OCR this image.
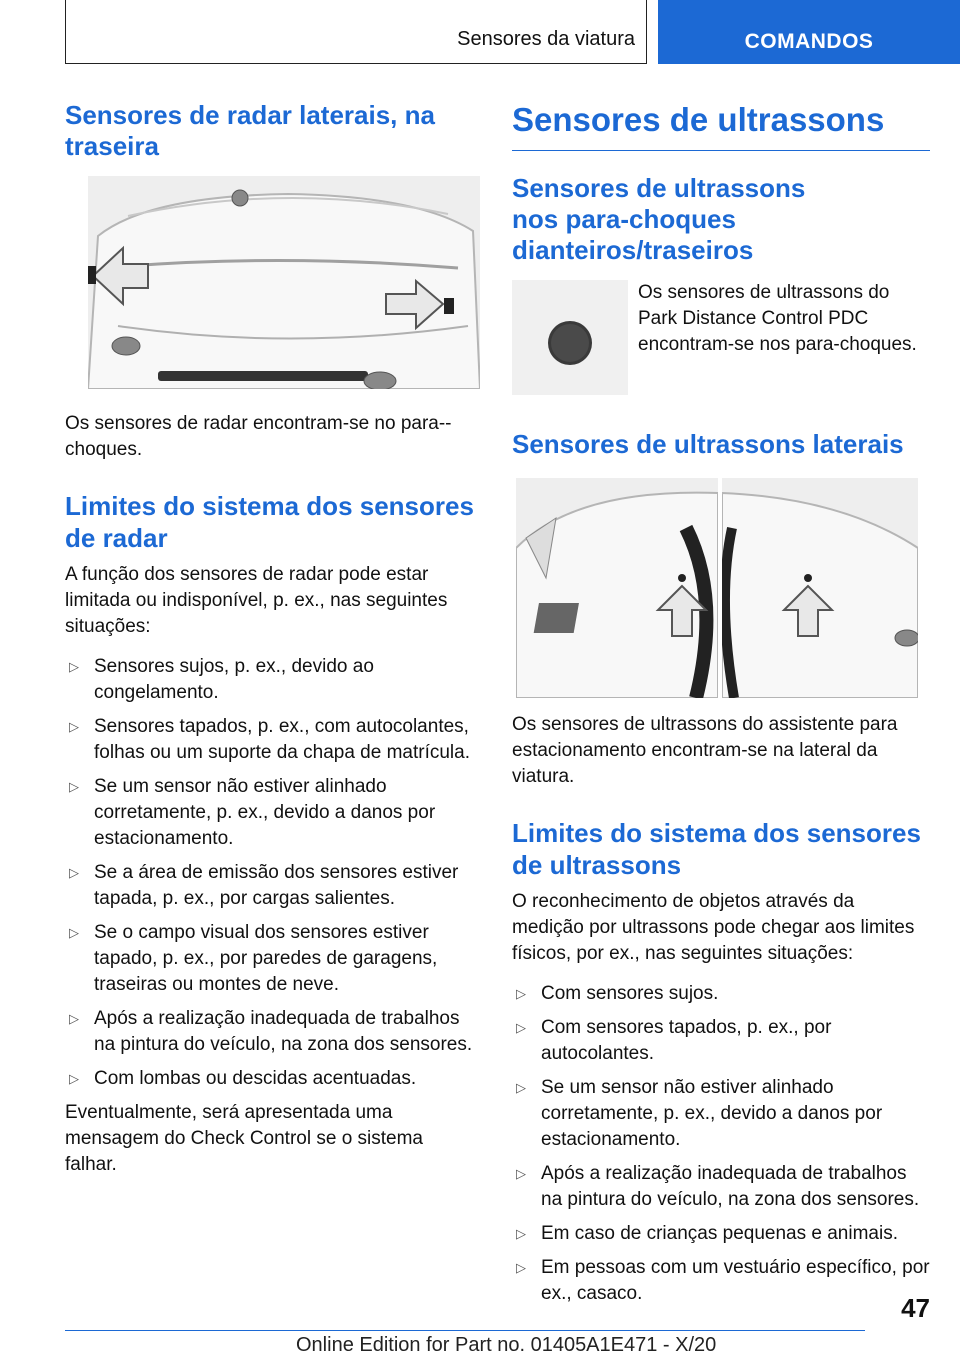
Sensores da viatura	COMANDOS
Sensores de radar laterais, na traseira

Os sensores de radar encontram-se no para--choques.

Limites do sistema dos sensores de radar

A função dos sensores de radar pode estar limitada ou indisponível, p. ex., nas seguintes situações:

▷ Sensores sujos, p. ex., devido ao congelamento.
▷ Sensores tapados, p. ex., com autocolantes, folhas ou um suporte da chapa de matrícula.
▷ Se um sensor não estiver alinhado corretamente, p. ex., devido a danos por estacionamento.
▷ Se a área de emissão dos sensores estiver tapada, p. ex., por cargas salientes.
▷ Se o campo visual dos sensores estiver tapado, p. ex., por paredes de garagens, traseiras ou montes de neve.
▷ Após a realização inadequada de trabalhos na pintura do veículo, na zona dos sensores.
▷ Com lombas ou descidas acentuadas.

Eventualmente, será apresentada uma mensagem do Check Control se o sistema falhar.

Sensores de ultrassons
Sensores de ultrassons nos para-choques dianteiros/traseiros

Os sensores de ultrassons do Park Distance Control PDC encontram-se nos para-choques.

Sensores de ultrassons laterais

Os sensores de ultrassons do assistente para estacionamento encontram-se na lateral da viatura.

Limites do sistema dos sensores de ultrassons

O reconhecimento de objetos através da medição por ultrassons pode chegar aos limites físicos, por ex., nas seguintes situações:

▷ Com sensores sujos.
▷ Com sensores tapados, p. ex., por autocolantes.
▷ Se um sensor não estiver alinhado corretamente, p. ex., devido a danos por estacionamento.
▷ Após a realização inadequada de trabalhos na pintura do veículo, na zona dos sensores.
▷ Em caso de crianças pequenas e animais.
▷ Em pessoas com um vestuário específico, por ex., casaco.	47
Online Edition for Part no. 01405A1E471 - X/20
